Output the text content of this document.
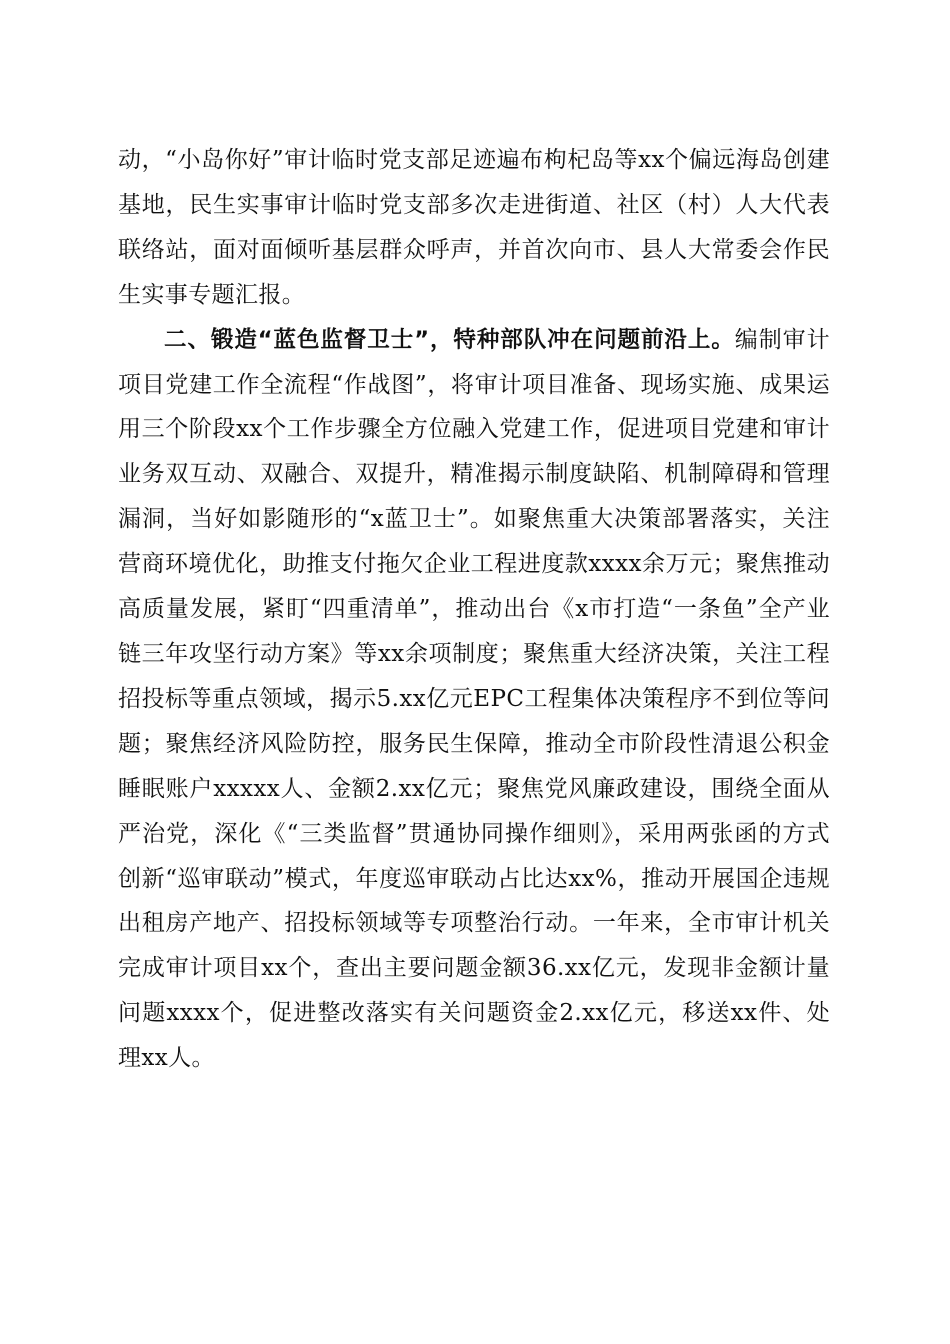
动，“小岛你好”审计临时党支部足迹遍布枸杞岛等xx个偏远海岛创建基地，民生实事审计临时党支部多次走进街道、社区（村）人大代表联络站，面对面倾听基层群众呼声，并首次向市、县人大常委会作民生实事专题汇报。

二、锻造“蓝色监督卫士”，特种部队冲在问题前沿上。编制审计项目党建工作全流程“作战图”，将审计项目准备、现场实施、成果运用三个阶段xx个工作步骤全方位融入党建工作，促进项目党建和审计业务双互动、双融合、双提升，精准揭示制度缺陷、机制障碍和管理漏洞，当好如影随形的“x蓝卫士”。如聚焦重大决策部署落实，关注营商环境优化，助推支付拖欠企业工程进度款xxxx余万元；聚焦推动高质量发展，紧盯“四重清单”，推动出台《x市打造“一条鱼”全产业链三年攻坚行动方案》等xx余项制度；聚焦重大经济决策，关注工程招投标等重点领域，揭示5.xx亿元EPC工程集体决策程序不到位等问题；聚焦经济风险防控，服务民生保障，推动全市阶段性清退公积金睡眠账户xxxxx人、金额2.xx亿元；聚焦党风廉政建设，围绕全面从严治党，深化《“三类监督”贯通协同操作细则》，采用两张函的方式创新“巡审联动”模式，年度巡审联动占比达xx%，推动开展国企违规出租房产地产、招投标领域等专项整治行动。一年来，全市审计机关完成审计项目xx个，查出主要问题金额36.xx亿元，发现非金额计量问题xxxx个，促进整改落实有关问题资金2.xx亿元，移送xx件、处理xx人。
